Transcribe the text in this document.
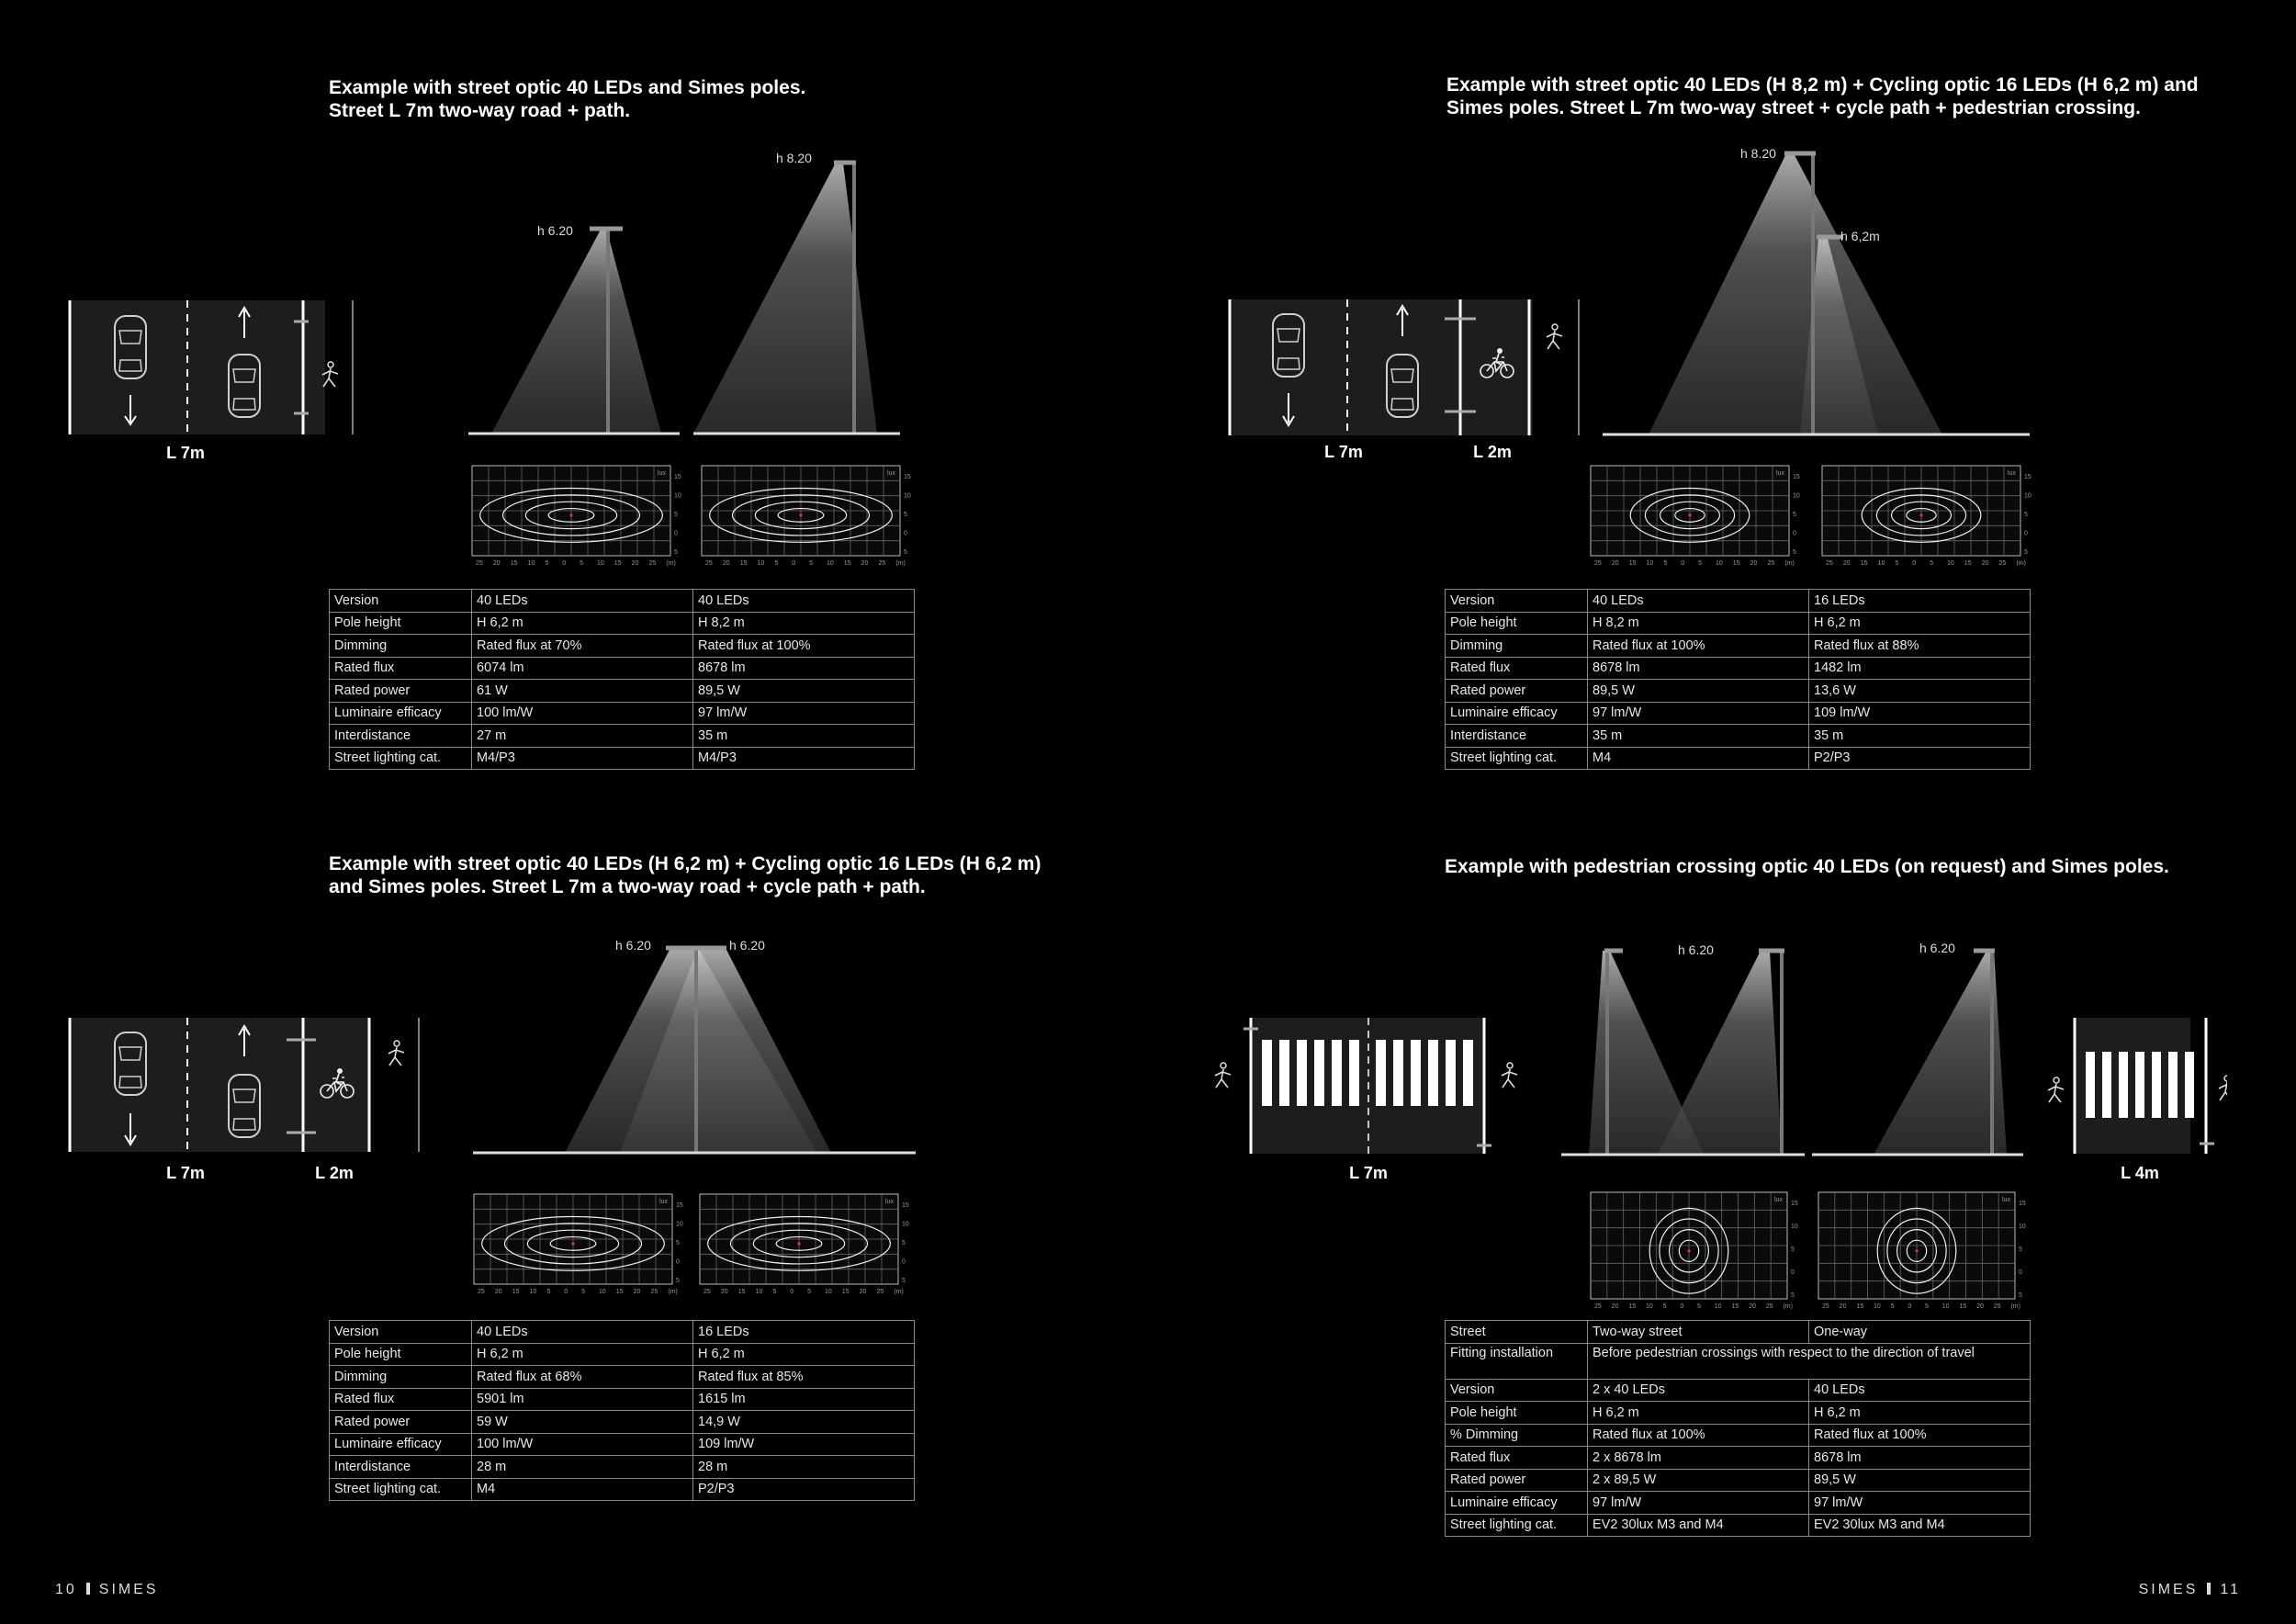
Example with street optic 40 LEDs and Simes poles.
Street L 7m two-way road + path.
L 7m
h 6.20
h 8.20
25 20 15 10 5 0 5 10 15 20 25 (m)
15
10
5
0
5
lux
25 20 15 10 5 0 5 10 15 20 25 (m)
15
10
5
0
5
lux
Version	40 LEDs	40 LEDs
Pole height	H 6,2 m	H 8,2 m
Dimming	Rated flux at 70%	Rated flux at 100%
Rated flux	6074 lm	8678 lm
Rated power	61 W	89,5 W
Luminaire efficacy	100 lm/W	97 lm/W
Interdistance	27 m	35 m
Street lighting cat.	M4/P3	M4/P3
Example with street optic 40 LEDs (H 8,2 m) + Cycling optic 16 LEDs (H 6,2 m) and
Simes poles. Street L 7m two-way street + cycle path + pedestrian crossing.
L 7m	L 2m
h 8.20
h 6,2m
25 20 15 10 5 0 5 10 15 20 25 (m)
15
10
5
0
5
lux
25 20 15 10 5 0 5 10 15 20 25 (m)
15
10
5
0
5
lux
Version	40 LEDs	16 LEDs
Pole height	H 8,2 m	H 6,2 m
Dimming	Rated flux at 100%	Rated flux at 88%
Rated flux	8678 lm	1482 lm
Rated power	89,5 W	13,6 W
Luminaire efficacy	97 lm/W	109 lm/W
Interdistance	35 m	35 m
Street lighting cat.	M4	P2/P3
Example with street optic 40 LEDs (H 6,2 m) + Cycling optic 16 LEDs (H 6,2 m)
and Simes poles. Street L 7m a two-way road + cycle path + path.
L 7m	L 2m
h 6.20	h 6.20
25 20 15 10 5 0 5 10 15 20 25 (m)
15
10
5
0
5
lux
25 20 15 10 5 0 5 10 15 20 25 (m)
15
10
5
0
5
lux
Version	40 LEDs	16 LEDs
Pole height	H 6,2 m	H 6,2 m
Dimming	Rated flux at 68%	Rated flux at 85%
Rated flux	5901 lm	1615 lm
Rated power	59 W	14,9 W
Luminaire efficacy	100 lm/W	109 lm/W
Interdistance	28 m	28 m
Street lighting cat.	M4	P2/P3
Example with pedestrian crossing optic 40 LEDs (on request) and Simes poles.
L 7m
h 6.20	h 6.20
L 4m
25 20 15 10 5 0 5 10 15 20 25 (m)
15
10
5
0
5
lux
25 20 15 10 5 0 5 10 15 20 25 (m)
15
10
5
0
5
lux
Street	Two-way street	One-way
Fitting installation	Before pedestrian crossings with respect to the direction of travel	
Version	2 x 40 LEDs	40 LEDs
Pole height	H 6,2 m	H 6,2 m
% Dimming	Rated flux at 100%	Rated flux at 100%
Rated flux	2 x 8678 lm	8678 lm
Rated power	2 x 89,5 W	89,5 W
Luminaire efficacy	97 lm/W	97 lm/W
Street lighting cat.	EV2 30lux M3 and M4	EV2 30lux M3 and M4
10 SIMES	SIMES 11
